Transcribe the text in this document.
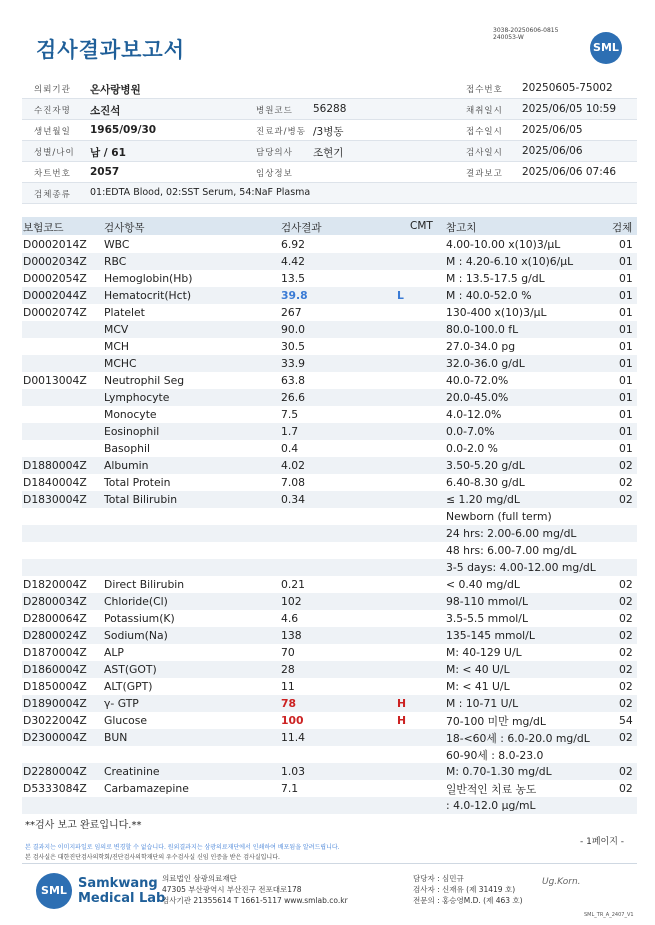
검사결과보고서
3038-20250606-0815
240053-W
SML
의뢰기관 온사랑병원	접수번호 20250605-75002
수진자명 소진석	병원코드 56288	채취일시 2025/06/05 10:59
생년월일 1965/09/30	진료과/병동 /3병동	접수일시 2025/06/05
성별/나이 남 / 61	담당의사 조현기	검사일시 2025/06/06
차트번호 2057	임상정보	결과보고 2025/06/06 07:46
검체종류 01:EDTA Blood, 02:SST Serum, 54:NaF Plasma
보험코드	검사항목	검사결과	CMT 참고치	검체
D0002014Z WBC	6.92	4.00-10.00 x(10)3/μL	01
D0002034Z RBC	4.42	M : 4.20-6.10 x(10)6/μL	01
D0002054Z Hemoglobin(Hb)	13.5	M : 13.5-17.5 g/dL	01
D0002044Z Hematocrit(Hct)	39.8	L	M : 40.0-52.0 %	01
D0002074Z Platelet	267	130-400 x(10)3/μL	01
MCV	90.0	80.0-100.0 fL	01
MCH	30.5	27.0-34.0 pg	01
MCHC	33.9	32.0-36.0 g/dL	01
D0013004Z Neutrophil Seg	63.8	40.0-72.0%	01
Lymphocyte	26.6	20.0-45.0%	01
Monocyte	7.5	4.0-12.0%	01
Eosinophil	1.7	0.0-7.0%	01
Basophil	0.4	0.0-2.0 %	01
D1880004Z Albumin	4.02	3.50-5.20 g/dL	02
D1840004Z Total Protein	7.08	6.40-8.30 g/dL	02
D1830004Z Total Bilirubin	0.34	≤ 1.20 mg/dL	02
Newborn (full term)
24 hrs: 2.00-6.00 mg/dL
48 hrs: 6.00-7.00 mg/dL
3-5 days: 4.00-12.00 mg/dL
D1820004Z Direct Bilirubin	0.21	< 0.40 mg/dL	02
D2800034Z Chloride(Cl)	102	98-110 mmol/L	02
D2800064Z Potassium(K)	4.6	3.5-5.5 mmol/L	02
D2800024Z Sodium(Na)	138	135-145 mmol/L	02
D1870004Z ALP	70	M: 40-129 U/L	02
D1860004Z AST(GOT)	28	M: < 40 U/L	02
D1850004Z ALT(GPT)	11	M: < 41 U/L	02
D1890004Z γ- GTP	78	H	M : 10-71 U/L	02
D3022004Z Glucose	100	H	70-100 미만 mg/dL	54
D2300004Z BUN	11.4	18-<60세 : 6.0-20.0 mg/dL	02
60-90세 : 8.0-23.0
D2280004Z Creatinine	1.03	M: 0.70-1.30 mg/dL	02
D5333084Z Carbamazepine	7.1	일반적인 치료 농도	02
: 4.0-12.0 μg/mL
**검사 보고 완료입니다.**
- 1페이지 -
본 결과지는 이미지파일로 임의로 변경할 수 없습니다. 원외결과지는 삼광의료재단에서 인쇄하여 배포됨을 알려드립니다.
본 검사실은 대한진단검사의학회/진단검사의학재단의 우수검사실 신임 인증을 받은 검사실입니다.
SML Samkwang
Medical Lab
의료법인 삼광의료재단
47305 부산광역시 부산진구 전포대로178
검사기관 21355614 T 1661-5117 www.smlab.co.kr
담당자 : 심민규
검사자 : 신재유 (제 31419 호)
전문의 : 홍승영M.D. (제 463 호)
Ug.Korn.
SML_TR_A_2407_V1
